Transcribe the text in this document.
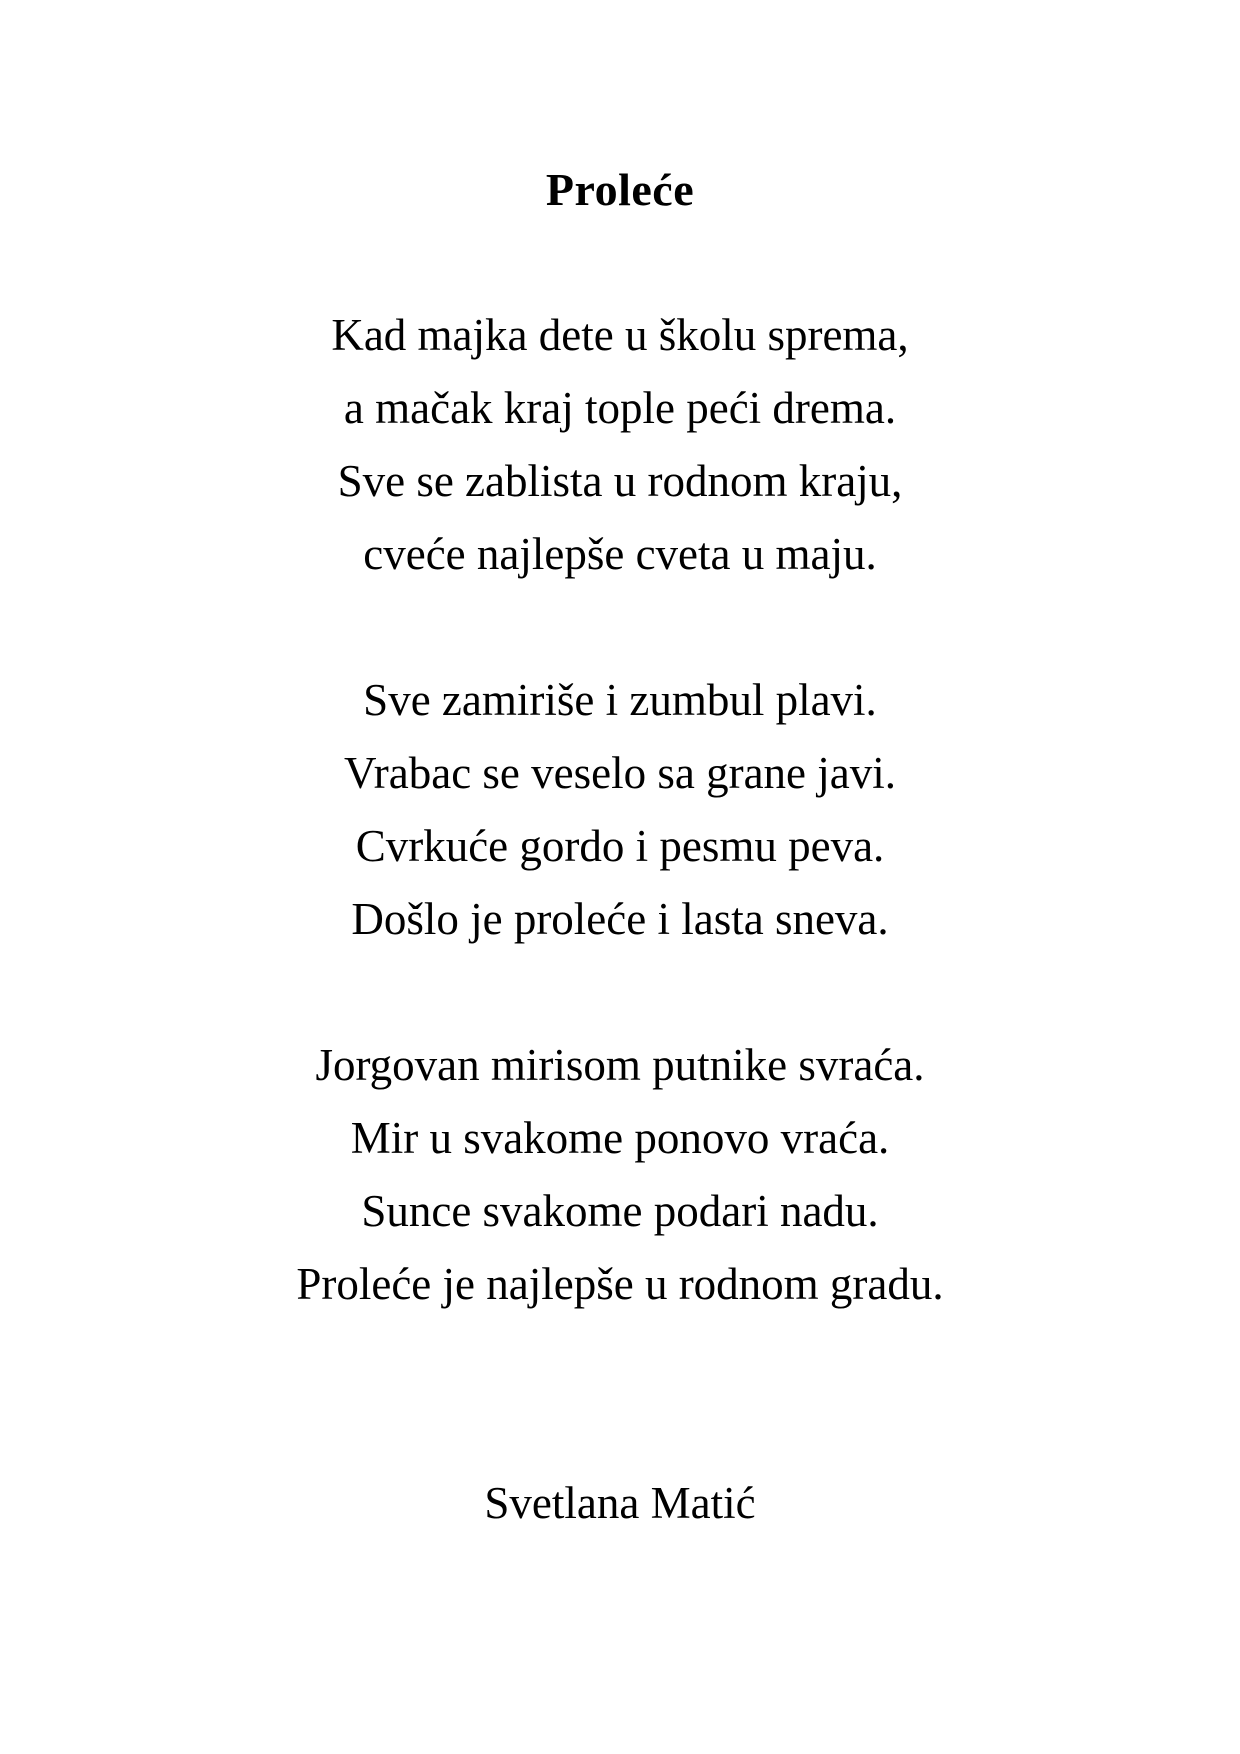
Proleće

Kad majka dete u školu sprema,

a mačak kraj tople peći drema.

Sve se zablista u rodnom kraju,

cveće najlepše cveta u maju.

Sve zamiriše i zumbul plavi.

Vrabac se veselo sa grane javi.

Cvrkuće gordo i pesmu peva.

Došlo je proleće i lasta sneva.

Jorgovan mirisom putnike svraća.

Mir u svakome ponovo vraća.

Sunce svakome podari nadu.

Proleće je najlepše u rodnom gradu.

Svetlana Matić
